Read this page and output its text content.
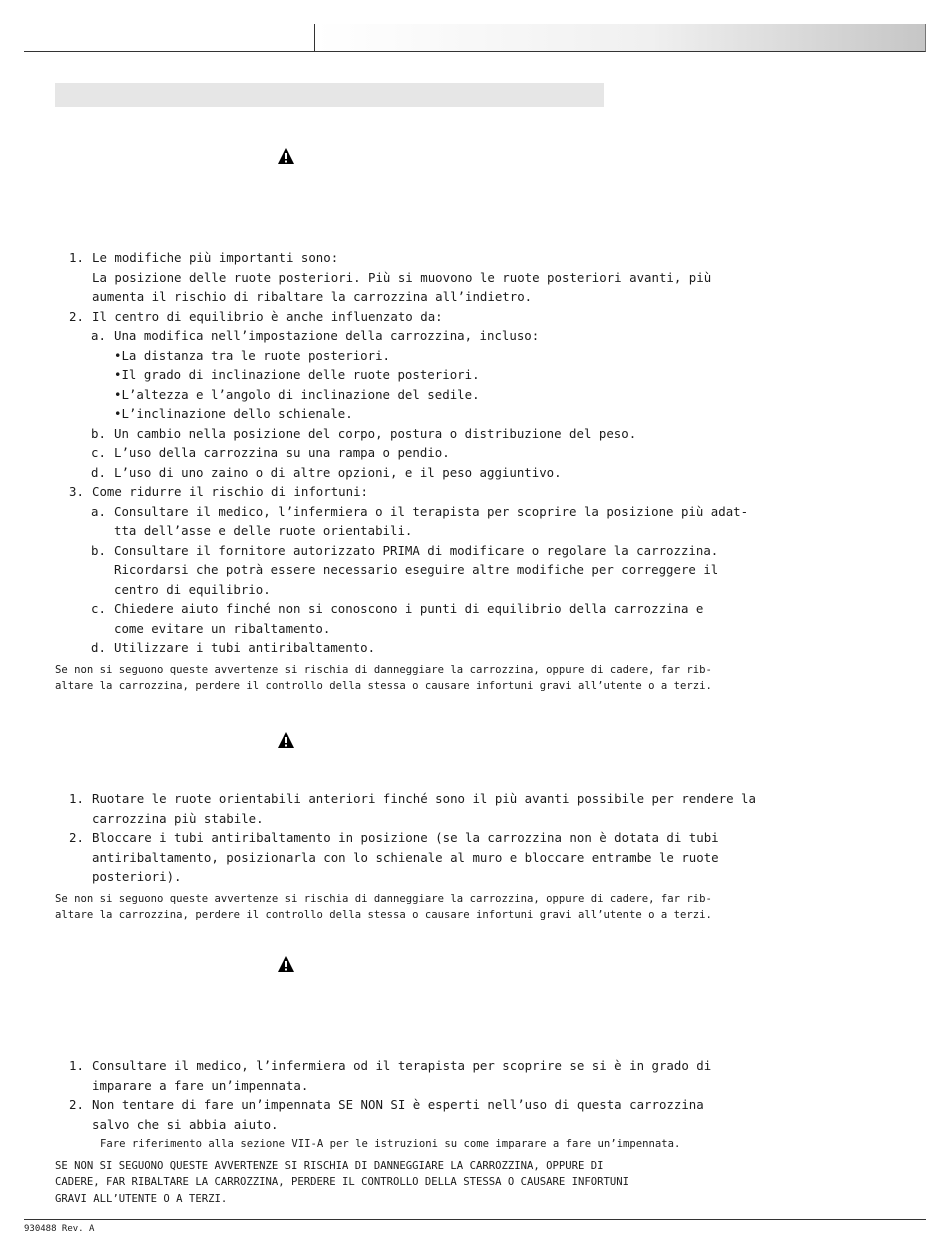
1. Le modifiche più importanti sono:
La posizione delle ruote posteriori. Più si muovono le ruote posteriori avanti, più
aumenta il rischio di ribaltare la carrozzina all’indietro.
2. Il centro di equilibrio è anche influenzato da:
a. Una modifica nell’impostazione della carrozzina, incluso:
•La distanza tra le ruote posteriori.
•Il grado di inclinazione delle ruote posteriori.
•L’altezza e l’angolo di inclinazione del sedile.
•L’inclinazione dello schienale.
b. Un cambio nella posizione del corpo, postura o distribuzione del peso.
c. L’uso della carrozzina su una rampa o pendio.
d. L’uso di uno zaino o di altre opzioni, e il peso aggiuntivo.
3. Come ridurre il rischio di infortuni:
a. Consultare il medico, l’infermiera o il terapista per scoprire la posizione più adat-
tta dell’asse e delle ruote orientabili.
b. Consultare il fornitore autorizzato PRIMA di modificare o regolare la carrozzina.
Ricordarsi che potrà essere necessario eseguire altre modifiche per correggere il
centro di equilibrio.
c. Chiedere aiuto finché non si conoscono i punti di equilibrio della carrozzina e
come evitare un ribaltamento.
d. Utilizzare i tubi antiribaltamento.
Se non si seguono queste avvertenze si rischia di danneggiare la carrozzina, oppure di cadere, far rib-
altare la carrozzina, perdere il controllo della stessa o causare infortuni gravi all’utente o a terzi.
1. Ruotare le ruote orientabili anteriori finché sono il più avanti possibile per rendere la
carrozzina più stabile.
2. Bloccare i tubi antiribaltamento in posizione (se la carrozzina non è dotata di tubi
antiribaltamento, posizionarla con lo schienale al muro e bloccare entrambe le ruote
posteriori).
Se non si seguono queste avvertenze si rischia di danneggiare la carrozzina, oppure di cadere, far rib-
altare la carrozzina, perdere il controllo della stessa o causare infortuni gravi all’utente o a terzi.
1. Consultare il medico, l’infermiera od il terapista per scoprire se si è in grado di
imparare a fare un’impennata.
2. Non tentare di fare un’impennata SE NON SI è esperti nell’uso di questa carrozzina
salvo che si abbia aiuto.
Fare riferimento alla sezione VII-A per le istruzioni su come imparare a fare un’impennata.
SE NON SI SEGUONO QUESTE AVVERTENZE SI RISCHIA DI DANNEGGIARE LA CARROZZINA, OPPURE DI
CADERE, FAR RIBALTARE LA CARROZZINA, PERDERE IL CONTROLLO DELLA STESSA O CAUSARE INFORTUNI
GRAVI ALL’UTENTE O A TERZI.
930488 Rev. A
